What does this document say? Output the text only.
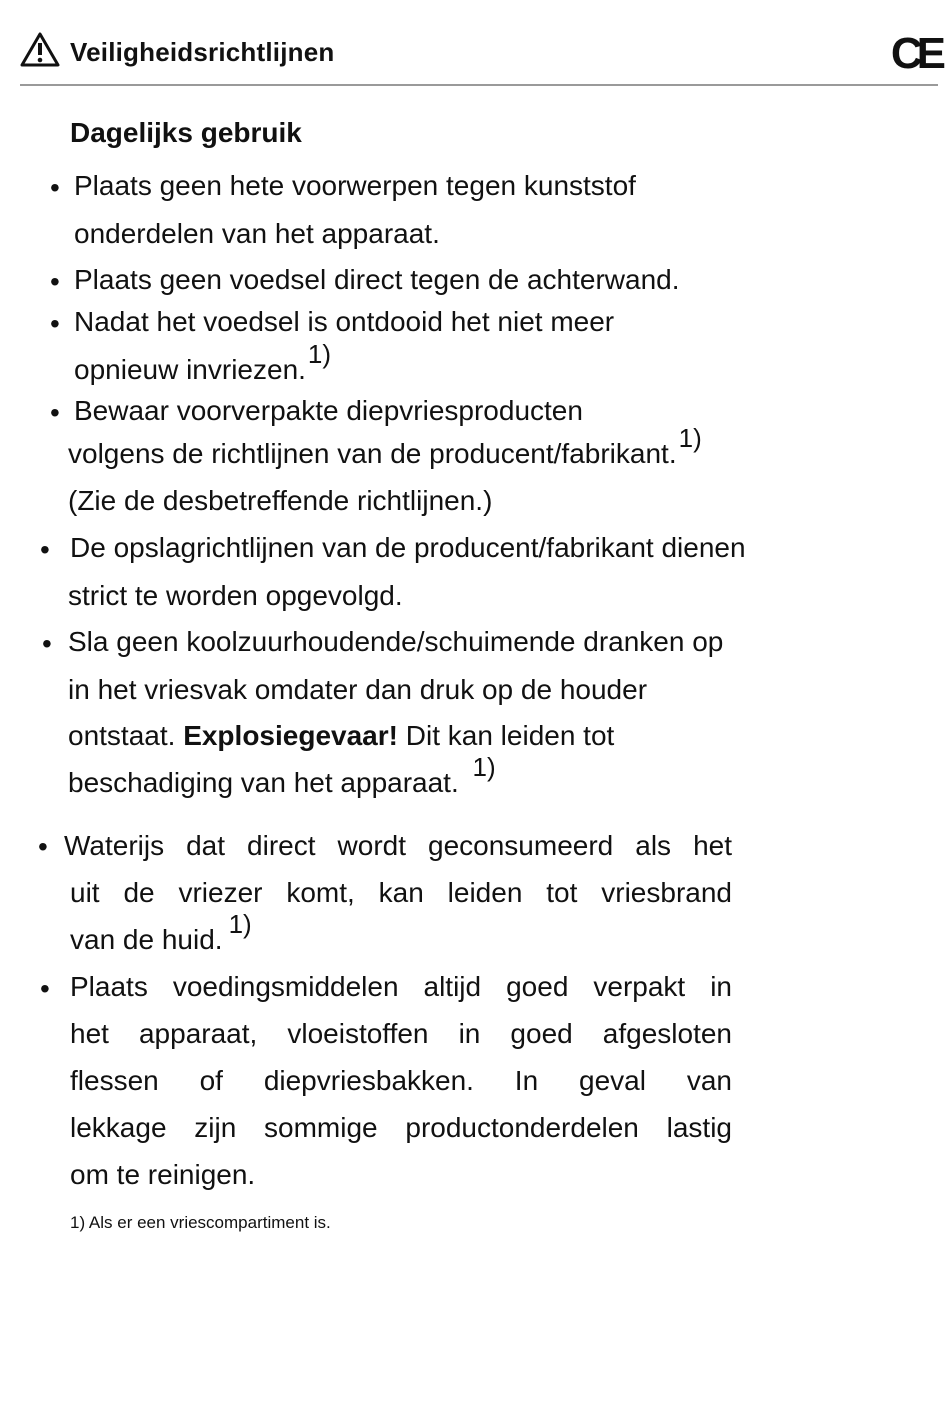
Veiligheidsrichtlijnen	CE
Dagelijks gebruik
• Plaats geen hete voorwerpen tegen kunststof
onderdelen van het apparaat.
• Plaats geen voedsel direct tegen de achterwand.
• Nadat het voedsel is ontdooid het niet meer
opnieuw invriezen.1)
• Bewaar voorverpakte diepvriesproducten
volgens de richtlijnen van de producent/fabrikant.1)
(Zie de desbetreffende richtlijnen.)
• De opslagrichtlijnen van de producent/fabrikant dienen
strict te worden opgevolgd.
• Sla geen koolzuurhoudende/schuimende dranken op
in het vriesvak omdater dan druk op de houder
ontstaat. Explosiegevaar! Dit kan leiden tot
beschadiging van het apparaat. 1)
• Waterijs dat direct wordt geconsumeerd als het
uit de vriezer komt, kan leiden tot vriesbrand
van de huid. 1)
• Plaats voedingsmiddelen altijd goed verpakt in
het apparaat, vloeistoffen in goed afgesloten
flessen of diepvriesbakken. In geval van
lekkage zijn sommige productonderdelen lastig
om te reinigen.
1) Als er een vriescompartiment is.
